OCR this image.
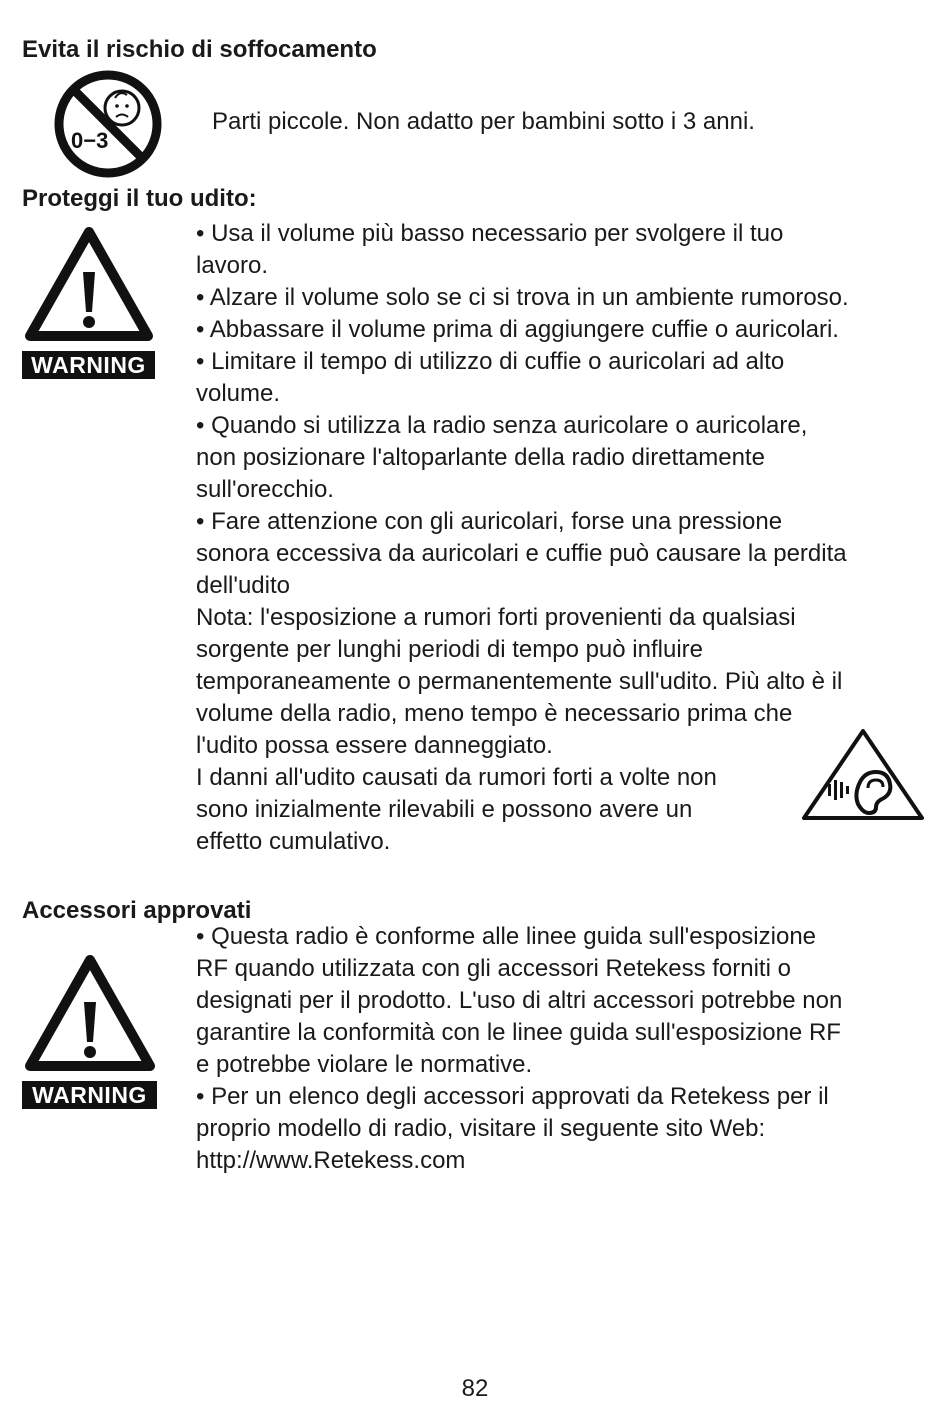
Evita il rischio di soffocamento
0−3
Parti piccole. Non adatto per bambini sotto i 3 anni.
Proteggi il tuo udito:
WARNING

• Usa il volume più basso necessario per svolgere il tuo

lavoro.

• Alzare il volume solo se ci si trova in un ambiente rumoroso.

• Abbassare il volume prima di aggiungere cuffie o auricolari.

• Limitare il tempo di utilizzo di cuffie o auricolari ad alto

volume.

• Quando si utilizza la radio senza auricolare o auricolare,

non posizionare l'altoparlante della radio direttamente

sull'orecchio.

• Fare attenzione con gli auricolari, forse una pressione

sonora eccessiva da auricolari e cuffie può causare la perdita

dell'udito

Nota: l'esposizione a rumori forti provenienti da qualsiasi

sorgente per lunghi periodi di tempo può influire

temporaneamente o permanentemente sull'udito. Più alto è il

volume della radio, meno tempo è necessario prima che

l'udito possa essere danneggiato.

I danni all'udito causati da rumori forti a volte non

sono inizialmente rilevabili e possono avere un

effetto cumulativo.

Accessori approvati
WARNING

• Questa radio è conforme alle linee guida sull'esposizione

RF quando utilizzata con gli accessori Retekess forniti o

designati per il prodotto. L'uso di altri accessori potrebbe non

garantire la conformità con le linee guida sull'esposizione RF

e potrebbe violare le normative.

• Per un elenco degli accessori approvati da Retekess per il

proprio modello di radio, visitare il seguente sito Web:

http://www.Retekess.com

82
